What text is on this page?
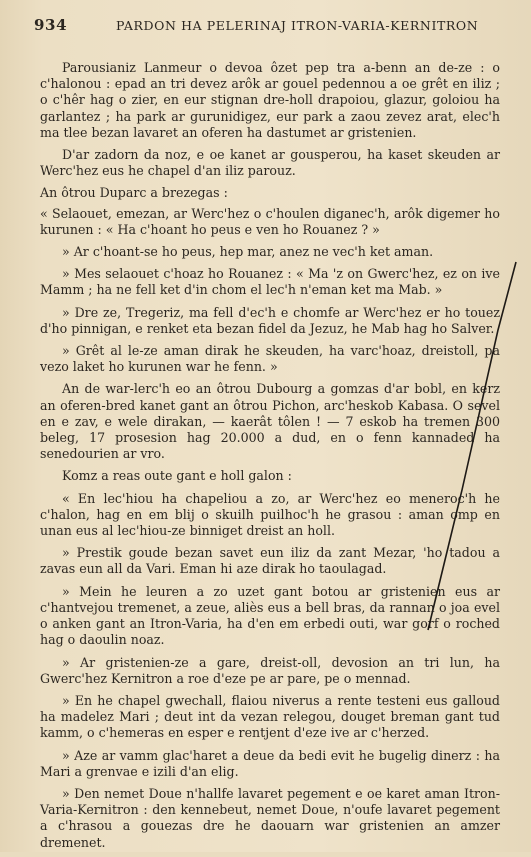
934	PARDON HA PELERINAJ ITRON-VARIA-KERNITRON

Parousianiz Lanmeur o devoa ôzet pep tra a-benn an de-ze : o c'halonou : epad an tri devez arôk ar gouel pedennou a oe grêt en iliz ; o c'hêr hag o zier, en eur stignan dre-holl drapoiou, glazur, goloiou ha garlantez ; ha park ar gurunidigez, eur park a zaou zevez arat, elec'h ma tlee bezan lavaret an oferen ha dastumet ar gristenien.

D'ar zadorn da noz, e oe kanet ar gousperou, ha kaset skeuden ar Werc'hez eus he chapel d'an iliz parouz.

An ôtrou Duparc a brezegas :

« Selaouet, emezan, ar Werc'hez o c'houlen diganec'h, arôk digemer ho kurunen : « Ha c'hoant ho peus e ven ho Rouanez ? »

» Ar c'hoant-se ho peus, hep mar, anez ne vec'h ket aman.

» Mes selaouet c'hoaz ho Rouanez : « Ma 'z on Gwerc'hez, ez on ive Mamm ; ha ne fell ket d'in chom el lec'h n'eman ket ma Mab. »

» Dre ze, Tregeriz, ma fell d'ec'h e chomfe ar Werc'hez er ho touez d'ho pinnigan, e renket eta bezan fidel da Jezuz, he Mab hag ho Salver.

» Grêt al le-ze aman dirak he skeuden, ha varc'hoaz, dreistoll, pa vezo laket ho kurunen war he fenn. »

An de war-lerc'h eo an ôtrou Dubourg a gomzas d'ar bobl, en kerz an oferen-bred kanet gant an ôtrou Pichon, arc'heskob Kabasa. O sevel en e zav, e wele dirakan, — kaerât tôlen ! — 7 eskob ha tremen 300 beleg, 17 prosesion hag 20.000 a dud, en o fenn kannaded ha senedourien ar vro.

Komz a reas oute gant e holl galon :

« En lec'hiou ha chapeliou a zo, ar Werc'hez eo meneroc'h he c'halon, hag en em blij o skuilh puilhoc'h he grasou : aman omp en unan eus al lec'hiou-ze binniget dreist an holl.

» Prestik goude bezan savet eun iliz da zant Mezar, 'ho tadou a zavas eun all da Vari. Eman hi aze dirak ho taoulagad.

» Mein he leuren a zo uzet gant botou ar gristenien eus ar c'hantvejou tremenet, a zeue, aliès eus a bell bras, da rannan o joa evel o anken gant an Itron-Varia, ha d'en em erbedi outi, war gorf o roched hag o daoulin noaz.

» Ar gristenien-ze a gare, dreist-oll, devosion an tri lun, ha Gwerc'hez Kernitron a roe d'eze pe ar pare, pe o mennad.

» En he chapel gwechall, flaiou niverus a rente testeni eus galloud ha madelez Mari ; deut int da vezan relegou, douget breman gant tud kamm, o c'hemeras en esper e rentjent d'eze ive ar c'herzed.

» Aze ar vamm glac'haret a deue da bedi evit he bugelig dinerz : ha Mari a grenvae e izili d'an elig.

» Den nemet Doue n'hallfe lavaret pegement e oe karet aman Itron-Varia-Kernitron : den kennebeut, nemet Doue, n'oufe lavaret pegement a c'hrasou a gouezas dre he daouarn war gristenien an amzer dremenet.
